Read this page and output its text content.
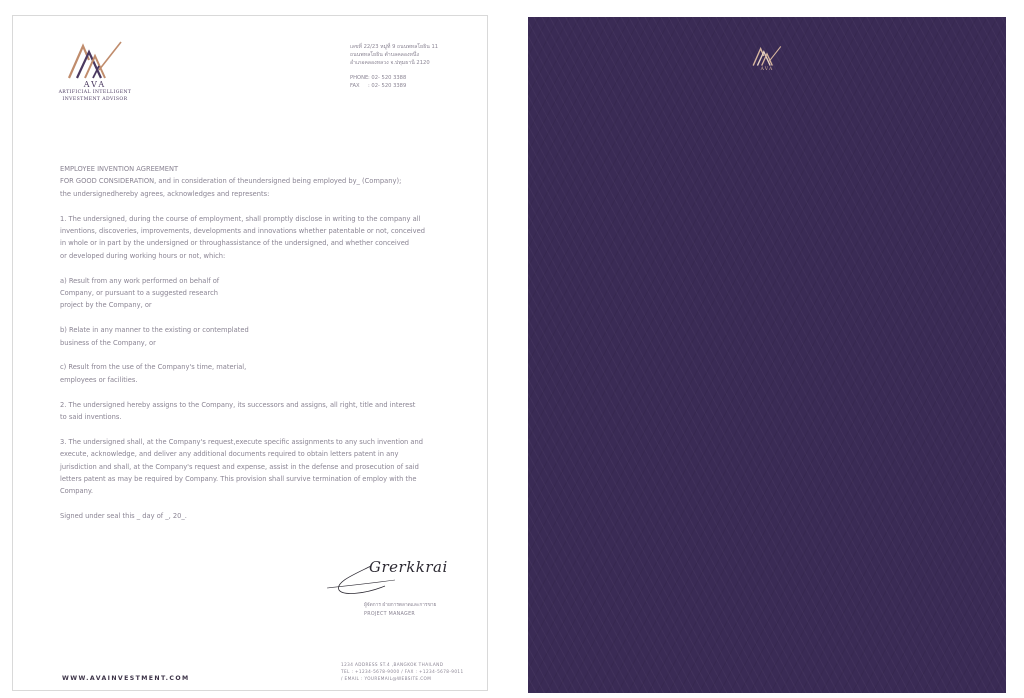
AVA
ARTIFICIAL INTELLIGENT
INVESTMENT ADVISOR
เลขที่ 22/23 หมู่ที่ 9 ถนนพหลโยธิน 11
ถนนพหลโยธิน ตำบลคลองหนึ่ง
อำเภอคลองหลวง จ.ปทุมธานี 2120
PHONE : 02- 520 3388
FAX	: 02- 520 3389

EMPLOYEE INVENTION AGREEMENT

FOR GOOD CONSIDERATION, and in consideration of theundersigned being employed by_ (Company);
the undersignedhereby agrees, acknowledges and represents:

1. The undersigned, during the course of employment, shall promptly disclose in writing to the company all
inventions, discoveries, improvements, developments and innovations whether patentable or not, conceived
in whole or in part by the undersigned or throughassistance of the undersigned, and whether conceived
or developed during working hours or not, which:

a) Result from any work performed on behalf of
Company, or pursuant to a suggested research
project by the Company, or

b) Relate in any manner to the existing or contemplated
business of the Company, or

c) Result from the use of the Company's time, material,
employees or facilities.

2. The undersigned hereby assigns to the Company, its successors and assigns, all right, title and interest
to said inventions.

3. The undersigned shall, at the Company's request,execute specific assignments to any such invention and
execute, acknowledge, and deliver any additional documents required to obtain letters patent in any
jurisdiction and shall, at the Company's request and expense, assist in the defense and prosecution of said
letters patent as may be required by Company. This provision shall survive termination of employ with the
Company.

Signed under seal this _ day of _, 20_.

Grerkkrai
ผู้จัดการ ฝ่ายการตลาดและการขาย
PROJECT MANAGER
WWW.AVAINVESTMENT.COM
1234 ADDRESS ST.4 ,BANGKOK THAILAND
TEL : +1234-5678-9000 / FAX : +1234-5678-9011
/ EMAIL : YOUREMAIL@WEBSITE.COM
AVA
